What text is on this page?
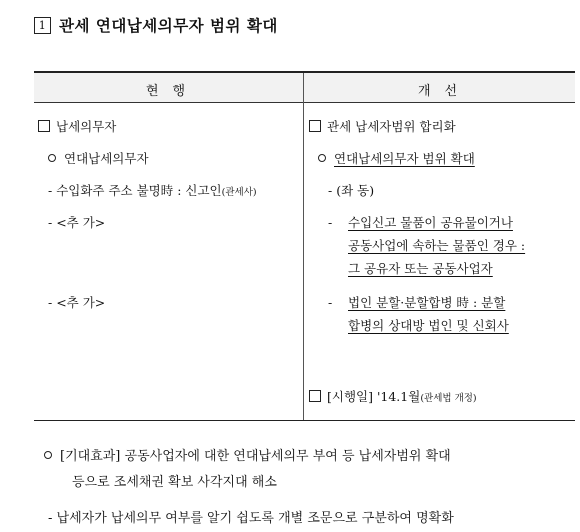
1 관세 연대납세의무자 범위 확대
현행	개선
납세의무자
연대납세의무자
- 수입화주 주소 불명時 : 신고인(관세사)
- <추 가>
- <추 가>
관세 납세자범위 합리화
연대납세의무자 범위 확대
- (좌 동)
- 수입신고 물품이 공유물이거나
공동사업에 속하는 물품인 경우 :
그 공유자 또는 공동사업자
- 법인 분할·분할합병 時 : 분할
합병의 상대방 법인 및 신회사
[시행일] '14.1월(관세법 개정)
[기대효과] 공동사업자에 대한 연대납세의무 부여 등 납세자범위 확대
등으로 조세채권 확보 사각지대 해소
- 납세자가 납세의무 여부를 알기 쉽도록 개별 조문으로 구분하여 명확화
